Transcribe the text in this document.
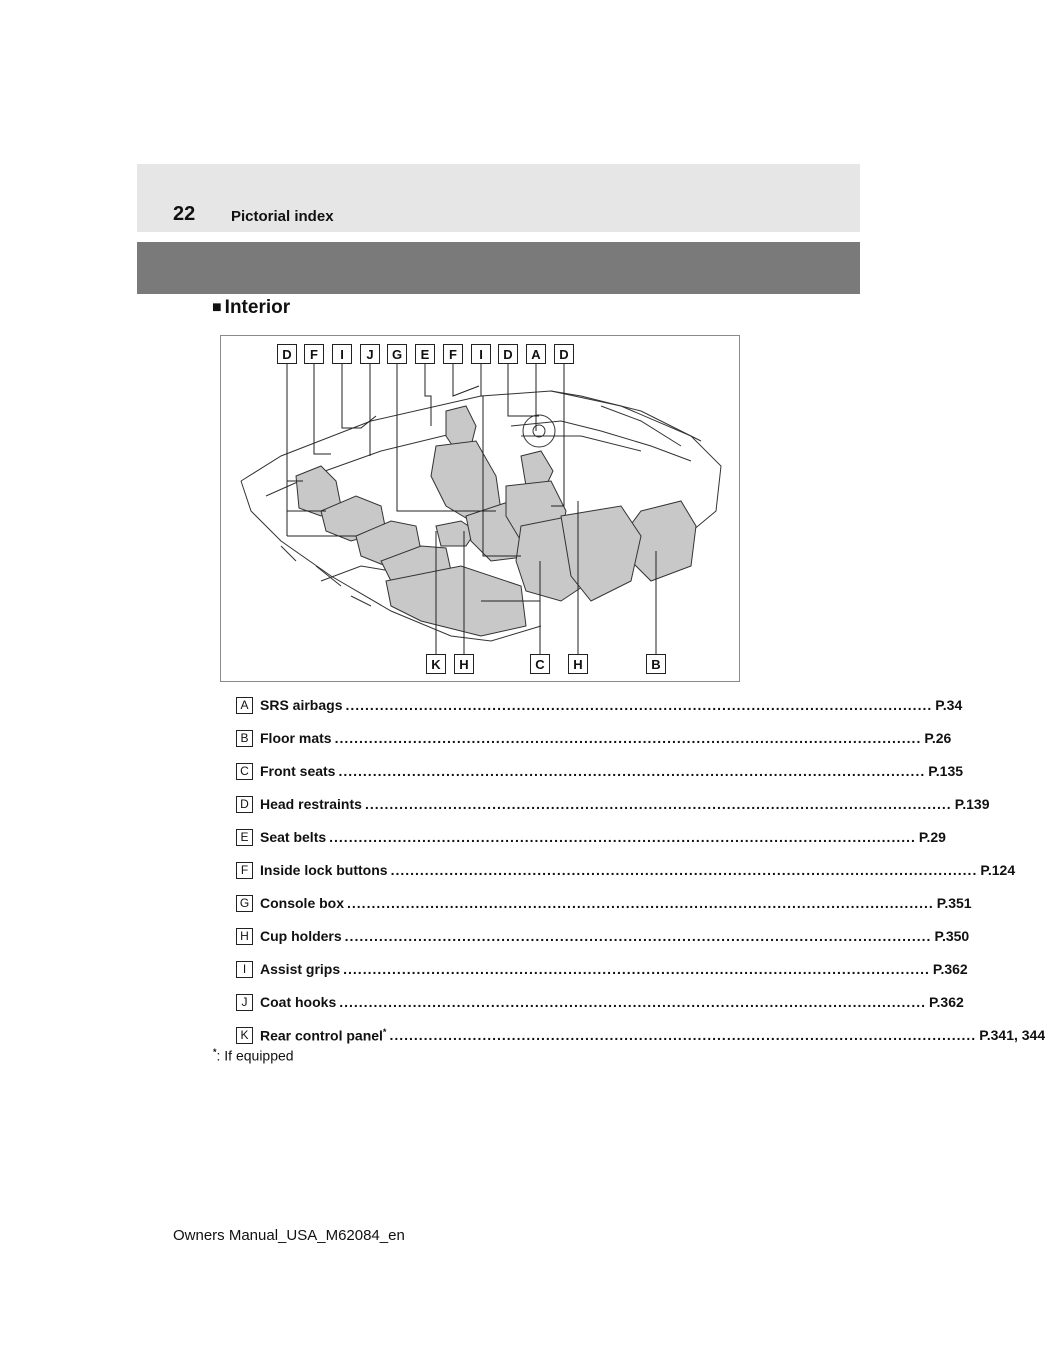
22 Pictorial index
■ Interior
D	F	I	J	G	E	F	I	D	A	D
K	H	C	H	B
A SRS airbags ........................................................................................................................ P.34
B Floor mats ........................................................................................................................ P.26
C Front seats ........................................................................................................................ P.135
D Head restraints ........................................................................................................................ P.139
E Seat belts ........................................................................................................................ P.29
F Inside lock buttons ........................................................................................................................ P.124
G Console box ........................................................................................................................ P.351
H Cup holders ........................................................................................................................ P.350
I Assist grips ........................................................................................................................ P.362
J Coat hooks ........................................................................................................................ P.362
K Rear control panel* ........................................................................................................................ P.341, 344
*: If equipped
Owners Manual_USA_M62084_en
